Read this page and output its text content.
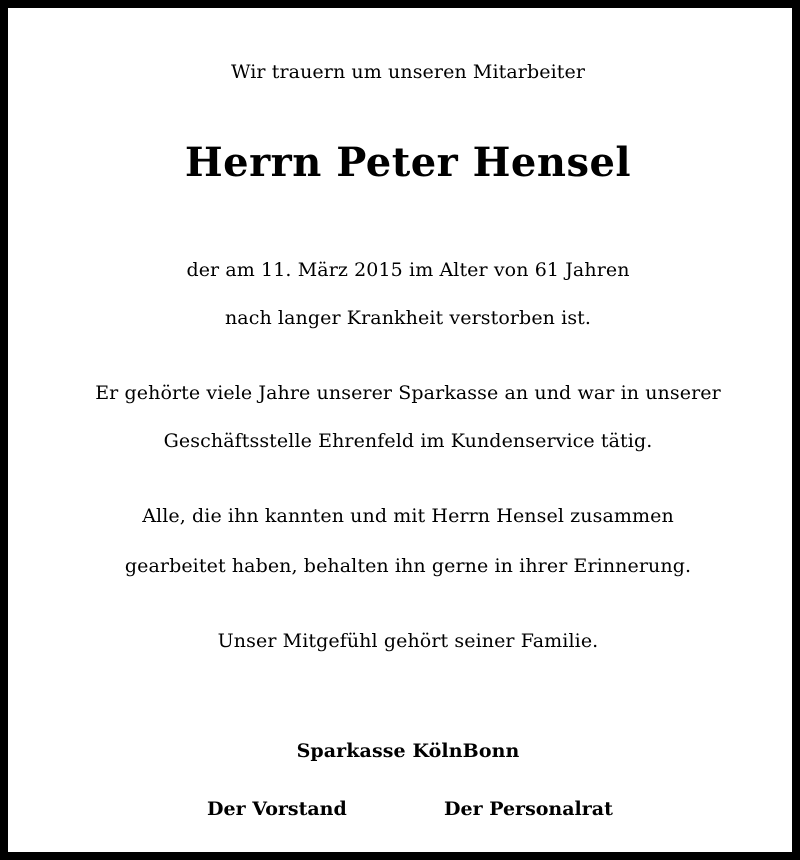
Wir trauern um unseren Mitarbeiter
Herrn Peter Hensel
der am 11. März 2015 im Alter von 61 Jahren
nach langer Krankheit verstorben ist.
Er gehörte viele Jahre unserer Sparkasse an und war in unserer
Geschäftsstelle Ehrenfeld im Kundenservice tätig.
Alle, die ihn kannten und mit Herrn Hensel zusammen
gearbeitet haben, behalten ihn gerne in ihrer Erinnerung.
Unser Mitgefühl gehört seiner Familie.
Sparkasse KölnBonn
Der Vorstand	Der Personalrat
